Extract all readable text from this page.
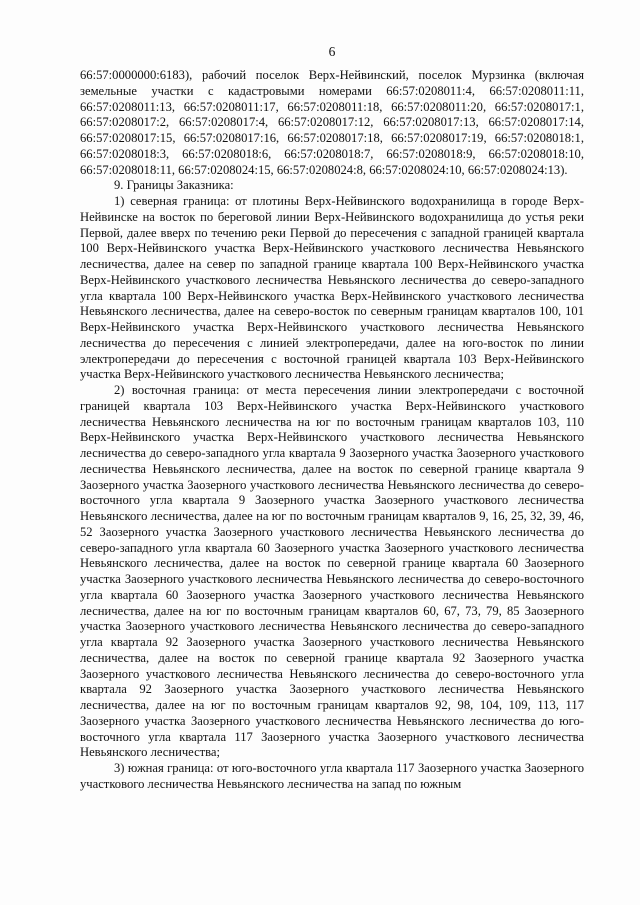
6

66:57:0000000:6183), рабочий поселок Верх-Нейвинский, поселок Мурзинка (включая земельные участки с кадастровыми номерами 66:57:0208011:4, 66:57:0208011:11, 66:57:0208011:13, 66:57:0208011:17, 66:57:0208011:18, 66:57:0208011:20, 66:57:0208017:1, 66:57:0208017:2, 66:57:0208017:4, 66:57:0208017:12, 66:57:0208017:13, 66:57:0208017:14, 66:57:0208017:15, 66:57:0208017:16, 66:57:0208017:18, 66:57:0208017:19, 66:57:0208018:1, 66:57:0208018:3, 66:57:0208018:6, 66:57:0208018:7, 66:57:0208018:9, 66:57:0208018:10, 66:57:0208018:11, 66:57:0208024:15, 66:57:0208024:8, 66:57:0208024:10, 66:57:0208024:13).

9. Границы Заказника:

1) северная граница: от плотины Верх-Нейвинского водохранилища в городе Верх-Нейвинске на восток по береговой линии Верх-Нейвинского водохранилища до устья реки Первой, далее вверх по течению реки Первой до пересечения с западной границей квартала 100 Верх-Нейвинского участка Верх-Нейвинского участкового лесничества Невьянского лесничества, далее на север по западной границе квартала 100 Верх-Нейвинского участка Верх-Нейвинского участкового лесничества Невьянского лесничества до северо-западного угла квартала 100 Верх-Нейвинского участка Верх-Нейвинского участкового лесничества Невьянского лесничества, далее на северо-восток по северным границам кварталов 100, 101 Верх-Нейвинского участка Верх-Нейвинского участкового лесничества Невьянского лесничества до пересечения с линией электропередачи, далее на юго-восток по линии электропередачи до пересечения с восточной границей квартала 103 Верх-Нейвинского участка Верх-Нейвинского участкового лесничества Невьянского лесничества;

2) восточная граница: от места пересечения линии электропередачи с восточной границей квартала 103 Верх-Нейвинского участка Верх-Нейвинского участкового лесничества Невьянского лесничества на юг по восточным границам кварталов 103, 110 Верх-Нейвинского участка Верх-Нейвинского участкового лесничества Невьянского лесничества до северо-западного угла квартала 9 Заозерного участка Заозерного участкового лесничества Невьянского лесничества, далее на восток по северной границе квартала 9 Заозерного участка Заозерного участкового лесничества Невьянского лесничества до северо-восточного угла квартала 9 Заозерного участка Заозерного участкового лесничества Невьянского лесничества, далее на юг по восточным границам кварталов 9, 16, 25, 32, 39, 46, 52 Заозерного участка Заозерного участкового лесничества Невьянского лесничества до северо-западного угла квартала 60 Заозерного участка Заозерного участкового лесничества Невьянского лесничества, далее на восток по северной границе квартала 60 Заозерного участка Заозерного участкового лесничества Невьянского лесничества до северо-восточного угла квартала 60 Заозерного участка Заозерного участкового лесничества Невьянского лесничества, далее на юг по восточным границам кварталов 60, 67, 73, 79, 85 Заозерного участка Заозерного участкового лесничества Невьянского лесничества до северо-западного угла квартала 92 Заозерного участка Заозерного участкового лесничества Невьянского лесничества, далее на восток по северной границе квартала 92 Заозерного участка Заозерного участкового лесничества Невьянского лесничества до северо-восточного угла квартала 92 Заозерного участка Заозерного участкового лесничества Невьянского лесничества, далее на юг по восточным границам кварталов 92, 98, 104, 109, 113, 117 Заозерного участка Заозерного участкового лесничества Невьянского лесничества до юго-восточного угла квартала 117 Заозерного участка Заозерного участкового лесничества Невьянского лесничества;

3) южная граница: от юго-восточного угла квартала 117 Заозерного участка Заозерного участкового лесничества Невьянского лесничества на запад по южным
